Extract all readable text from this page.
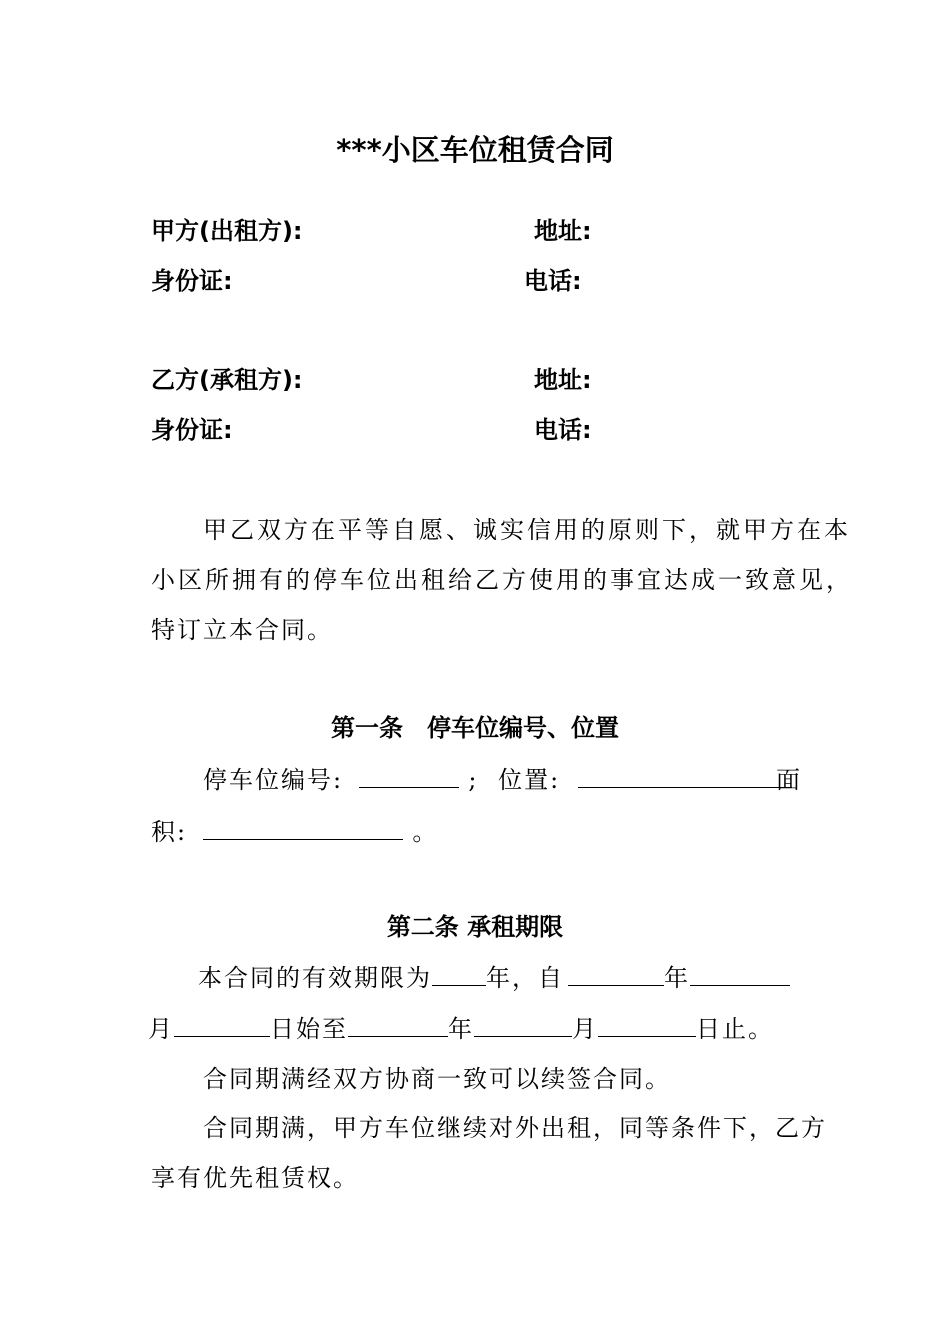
***小区车位租赁合同
甲方(出租方):	地址:
身份证:	电话:
乙方(承租方):	地址:
身份证:	电话:
甲乙双方在平等自愿、诚实信用的原则下，就甲方在本
小区所拥有的停车位出租给乙方使用的事宜达成一致意见，
特订立本合同。
第一条　停车位编号、位置
停车位编号:	; 位置:	面
积:	。
第二条 承租期限
本合同的有效期限为 年，自	年
月	日始至	年	月	日止。
合同期满经双方协商一致可以续签合同。
合同期满，甲方车位继续对外出租，同等条件下，乙方
享有优先租赁权。
